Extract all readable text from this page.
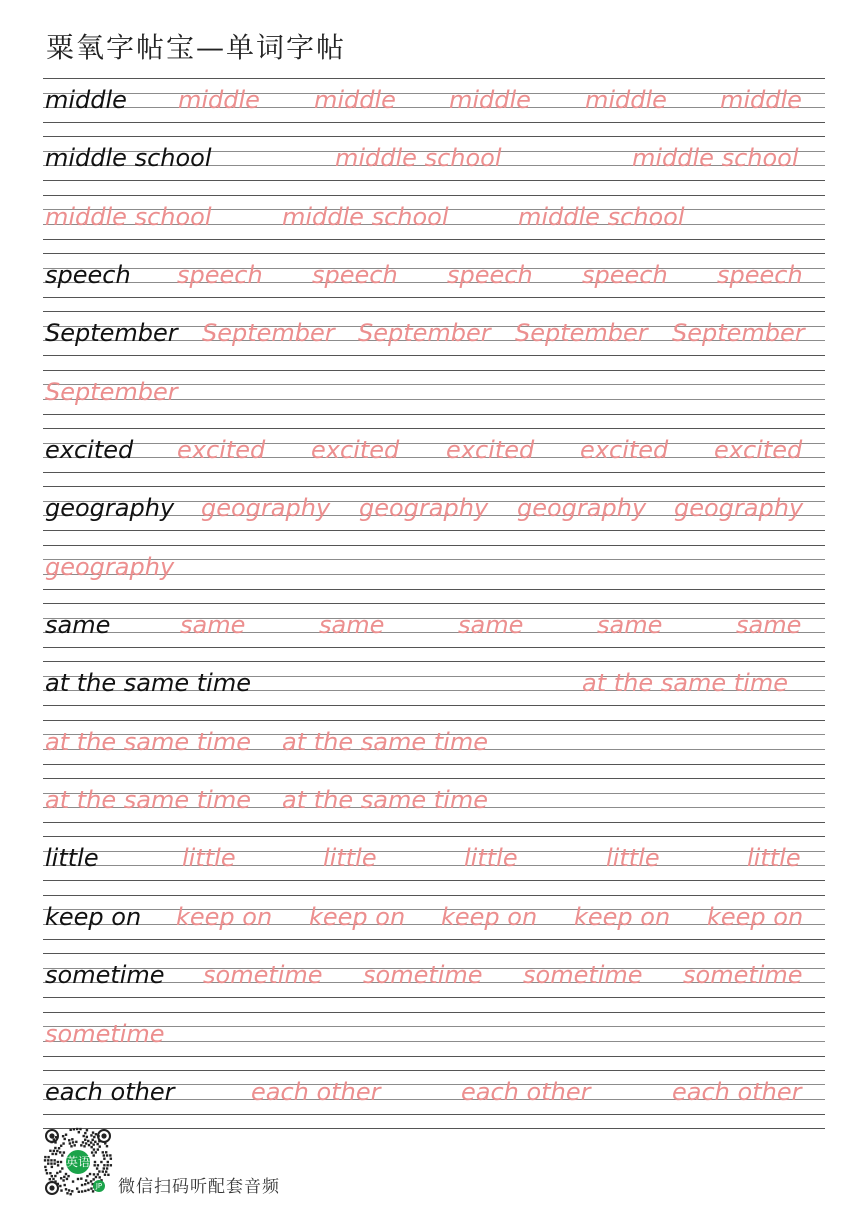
粟氧字帖宝—单词字帖
middle middle middle middle middle middle
middle school	middle school	middle school
middle school	middle school	middle school
speech speech speech speech speech speech
September September September September September
September
excited excited excited excited excited excited
geography geography geography geography geography
geography
same	same	same	same	same	same
at the same time	at the same time
at the same time at the same time
at the same time at the same time
little	little	little	little	little	little
keep on keep on keep on keep on keep on keep on
sometime sometime sometime sometime sometime
sometime
each other	each other	each other	each other
英语
JP 微信扫码听配套音频
